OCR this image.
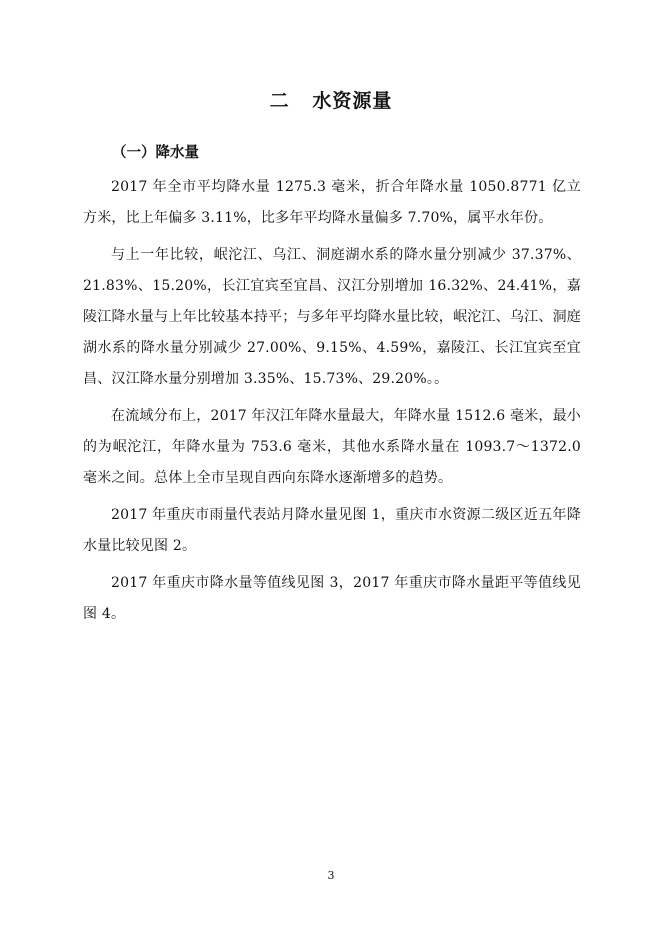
二   水资源量
（一）降水量

2017 年全市平均降水量 1275.3 毫米，折合年降水量 1050.8771 亿立方米，比上年偏多 3.11%，比多年平均降水量偏多 7.70%，属平水年份。

与上一年比较，岷沱江、乌江、洞庭湖水系的降水量分别减少 37.37%、21.83%、15.20%，长江宜宾至宜昌、汉江分别增加 16.32%、24.41%，嘉陵江降水量与上年比较基本持平；与多年平均降水量比较，岷沱江、乌江、洞庭湖水系的降水量分别减少 27.00%、9.15%、4.59%，嘉陵江、长江宜宾至宜昌、汉江降水量分别增加 3.35%、15.73%、29.20%。。

在流域分布上，2017 年汉江年降水量最大，年降水量 1512.6 毫米，最小的为岷沱江，年降水量为 753.6 毫米，其他水系降水量在 1093.7～1372.0 毫米之间。总体上全市呈现自西向东降水逐渐增多的趋势。

2017 年重庆市雨量代表站月降水量见图 1，重庆市水资源二级区近五年降水量比较见图 2。

2017 年重庆市降水量等值线见图 3，2017 年重庆市降水量距平等值线见图 4。

3
